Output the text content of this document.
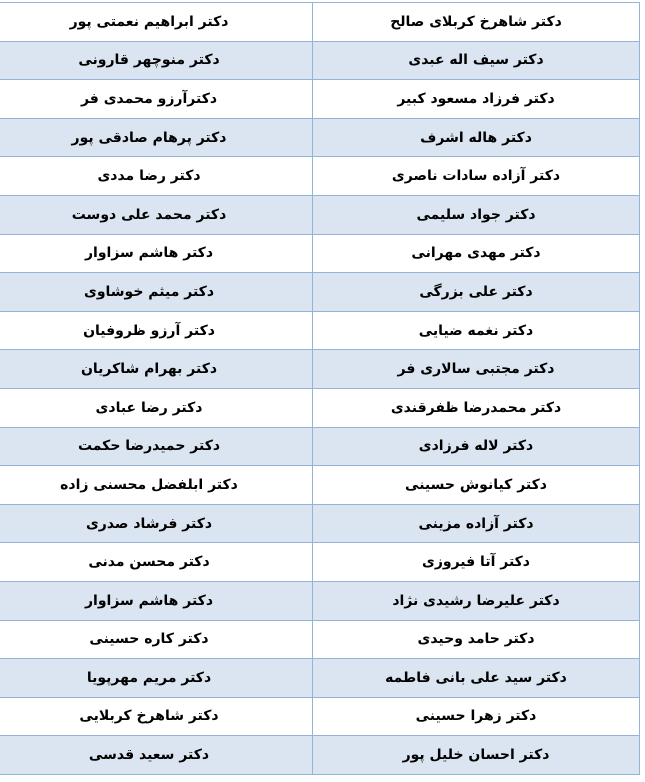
دکتر شاهرخ کربلای صالح	دکتر ابراهیم نعمتی پور
دکتر سیف اله عبدی	دکتر منوچهر قارونی
دکتر فرزاد مسعود کبیر	دکترآرزو محمدی فر
دکتر هاله اشرف	دکتر پرهام صادقی پور
دکتر آزاده سادات ناصری	دکتر رضا مددی
دکتر جواد سلیمی	دکتر محمد علی دوست
دکتر مهدی مهرانی	دکتر هاشم سزاوار
دکتر علی بزرگی	دکتر میثم خوشاوی
دکتر نغمه ضیایی	دکتر آرزو ظروفیان
دکتر مجتبی سالاری فر	دکتر بهرام شاکریان
دکتر محمدرضا ظفرقندی	دکتر رضا عبادی
دکتر لاله فرزادی	دکتر حمیدرضا حکمت
دکتر کیانوش حسینی	دکتر ابلفضل محسنی زاده
دکتر آزاده مزینی	دکتر فرشاد صدری
دکتر آتا فیروزی	دکتر محسن مدنی
دکتر علیرضا رشیدی نژاد	دکتر هاشم سزاوار
دکتر حامد وحیدی	دکتر کاره حسینی
دکتر سید علی بانی فاطمه	دکتر مریم مهرپویا
دکتر زهرا حسینی	دکتر شاهرخ کربلایی
دکتر احسان خلیل پور	دکتر سعید قدسی
